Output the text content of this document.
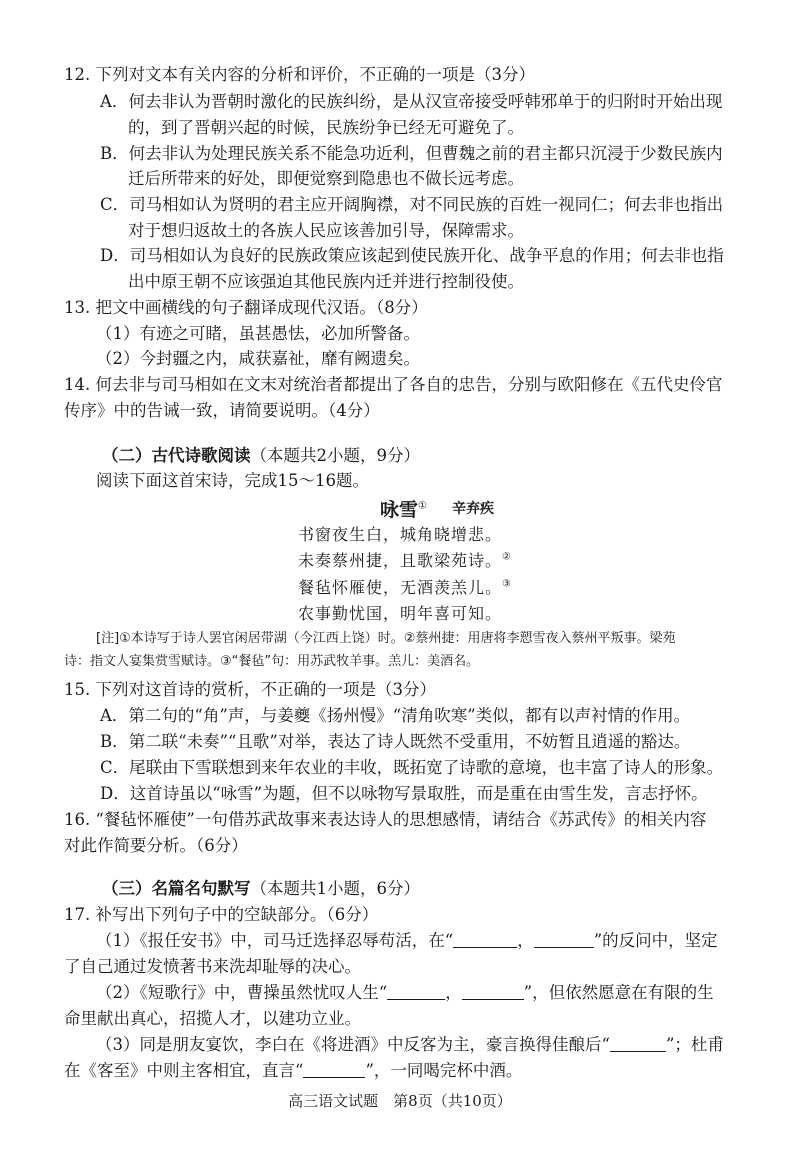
12. 下列对文本有关内容的分析和评价，不正确的一项是（3分）
A．何去非认为晋朝时激化的民族纠纷，是从汉宣帝接受呼韩邪单于的归附时开始出现
的，到了晋朝兴起的时候，民族纷争已经无可避免了。
B．何去非认为处理民族关系不能急功近利，但曹魏之前的君主都只沉浸于少数民族内
迁后所带来的好处，即便觉察到隐患也不做长远考虑。
C．司马相如认为贤明的君主应开阔胸襟，对不同民族的百姓一视同仁；何去非也指出
对于想归返故土的各族人民应该善加引导，保障需求。
D．司马相如认为良好的民族政策应该起到使民族开化、战争平息的作用；何去非也指
出中原王朝不应该强迫其他民族内迁并进行控制役使。
13. 把文中画横线的句子翻译成现代汉语。（8分）
（1）有迹之可睹，虽甚愚怯，必加所警备。
（2）今封疆之内，咸获嘉祉，靡有阙遗矣。
14. 何去非与司马相如在文末对统治者都提出了各自的忠告，分别与欧阳修在《五代史伶官
传序》中的告诫一致，请简要说明。（4分）
（二）古代诗歌阅读（本题共2小题，9分）
阅读下面这首宋诗，完成15～16题。
咏雪① 辛弃疾
书窗夜生白，城角晓增悲。
未奏蔡州捷，且歌梁苑诗。②
餐毡怀雁使，无酒羡羔儿。③
农事勤忧国，明年喜可知。
[注]①本诗写于诗人罢官闲居带湖（今江西上饶）时。②蔡州捷：用唐将李愬雪夜入蔡州平叛事。梁苑
诗：指文人宴集赏雪赋诗。③“餐毡”句：用苏武牧羊事。羔儿：美酒名。
15. 下列对这首诗的赏析，不正确的一项是（3分）
A．第二句的“角”声，与姜夔《扬州慢》“清角吹寒”类似，都有以声衬情的作用。
B．第二联“未奏”“且歌”对举，表达了诗人既然不受重用，不妨暂且逍遥的豁达。
C．尾联由下雪联想到来年农业的丰收，既拓宽了诗歌的意境，也丰富了诗人的形象。
D．这首诗虽以“咏雪”为题，但不以咏物写景取胜，而是重在由雪生发，言志抒怀。
16. “餐毡怀雁使”一句借苏武故事来表达诗人的思想感情，请结合《苏武传》的相关内容
对此作简要分析。（6分）
（三）名篇名句默写（本题共1小题，6分）
17. 补写出下列句子中的空缺部分。（6分）
（1）《报任安书》中，司马迁选择忍辱苟活，在“	，	”的反问中，坚定
了自己通过发愤著书来洗却耻辱的决心。
（2）《短歌行》中，曹操虽然忧叹人生“	，	”，但依然愿意在有限的生
命里献出真心，招揽人才，以建功立业。
（3）同是朋友宴饮，李白在《将进酒》中反客为主，豪言换得佳酿后“	”；杜甫
在《客至》中则主客相宜，直言“	”，一同喝完杯中酒。
高三语文试题　第8页（共10页）
